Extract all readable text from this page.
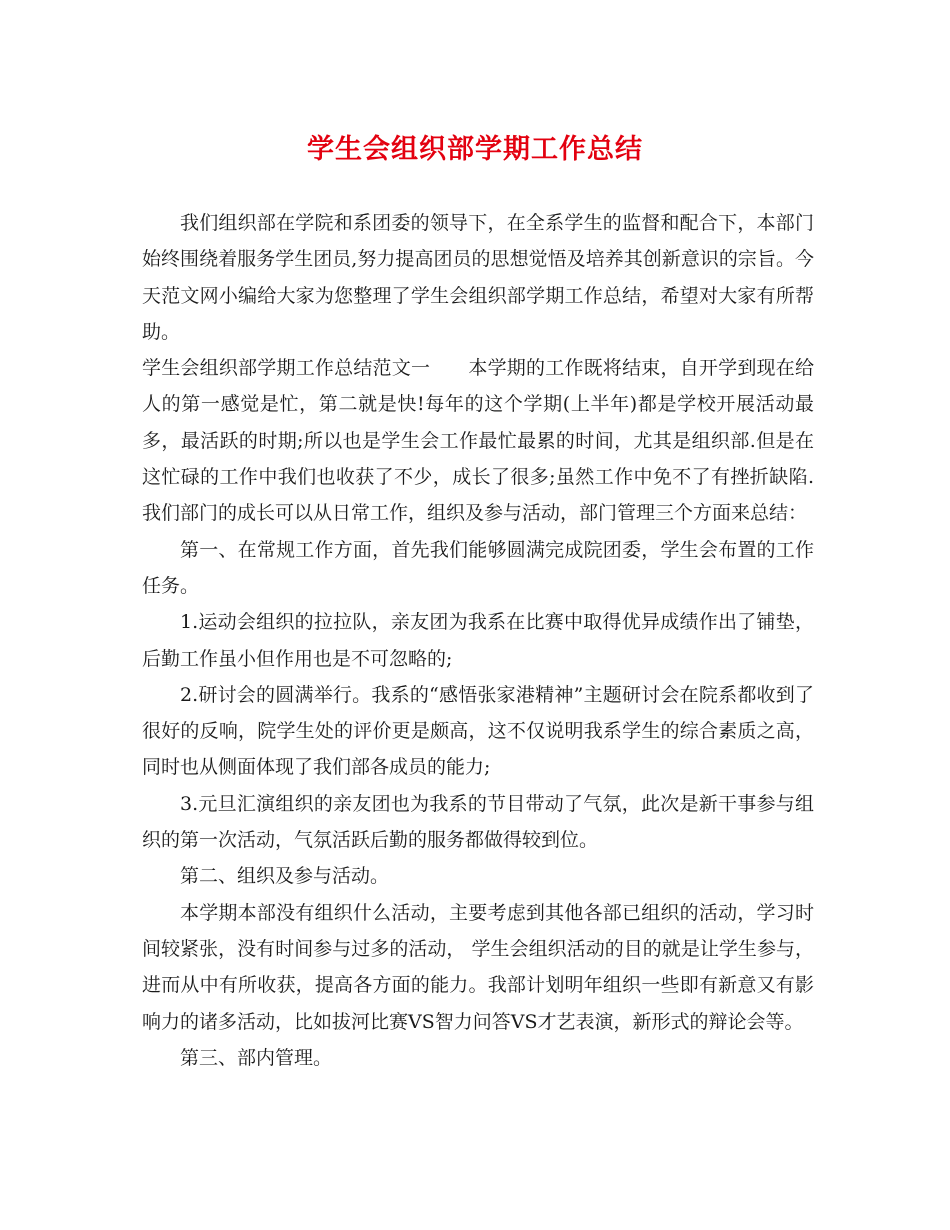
学生会组织部学期工作总结

我们组织部在学院和系团委的领导下，在全系学生的监督和配合下，本部门始终围绕着服务学生团员,努力提高团员的思想觉悟及培养其创新意识的宗旨。今天范文网小编给大家为您整理了学生会组织部学期工作总结，希望对大家有所帮助。

学生会组织部学期工作总结范文一 本学期的工作既将结束，自开学到现在给人的第一感觉是忙，第二就是快!每年的这个学期(上半年)都是学校开展活动最多，最活跃的时期;所以也是学生会工作最忙最累的时间，尤其是组织部.但是在这忙碌的工作中我们也收获了不少，成长了很多;虽然工作中免不了有挫折缺陷.我们部门的成长可以从日常工作，组织及参与活动，部门管理三个方面来总结：

第一、在常规工作方面，首先我们能够圆满完成院团委，学生会布置的工作任务。

1.运动会组织的拉拉队，亲友团为我系在比赛中取得优异成绩作出了铺垫，后勤工作虽小但作用也是不可忽略的;

2.研讨会的圆满举行。我系的“感悟张家港精神”主题研讨会在院系都收到了很好的反响，院学生处的评价更是颇高，这不仅说明我系学生的综合素质之高，同时也从侧面体现了我们部各成员的能力;

3.元旦汇演组织的亲友团也为我系的节目带动了气氛，此次是新干事参与组织的第一次活动，气氛活跃后勤的服务都做得较到位。

第二、组织及参与活动。

本学期本部没有组织什么活动，主要考虑到其他各部已组织的活动，学习时间较紧张，没有时间参与过多的活动， 学生会组织活动的目的就是让学生参与，进而从中有所收获，提高各方面的能力。我部计划明年组织一些即有新意又有影响力的诸多活动，比如拔河比赛VS智力问答VS才艺表演，新形式的辩论会等。

第三、部内管理。
